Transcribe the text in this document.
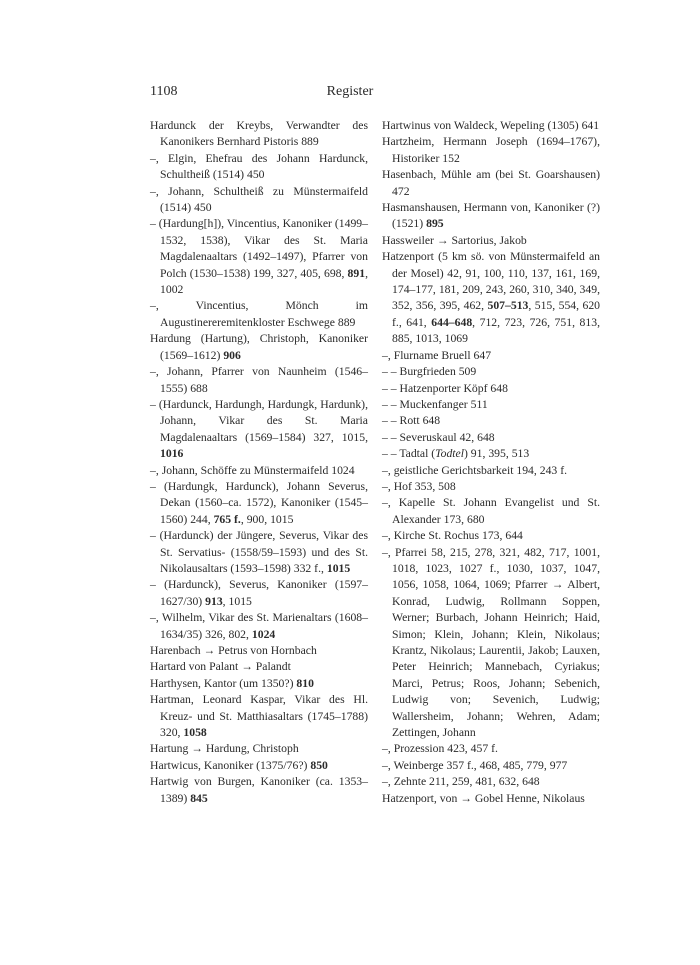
1108	Register
Hardunck der Kreybs, Verwandter des Kanonikers Bernhard Pistoris 889
–, Elgin, Ehefrau des Johann Hardunck, Schultheiß (1514) 450
–, Johann, Schultheiß zu Münstermaifeld (1514) 450
– (Hardung[h]), Vincentius, Kanoniker (1499–1532, 1538), Vikar des St. Maria Magdalenaaltars (1492–1497), Pfarrer von Polch (1530–1538) 199, 327, 405, 698, 891, 1002
–, Vincentius, Mönch im Augustinereremitenkloster Eschwege 889
Hardung (Hartung), Christoph, Kanoniker (1569–1612) 906
–, Johann, Pfarrer von Naunheim (1546–1555) 688
– (Hardunck, Hardungh, Hardungk, Hardunk), Johann, Vikar des St. Maria Magdalenaaltars (1569–1584) 327, 1015, 1016
–, Johann, Schöffe zu Münstermaifeld 1024
– (Hardungk, Hardunck), Johann Severus, Dekan (1560–ca. 1572), Kanoniker (1545–1560) 244, 765 f., 900, 1015
– (Hardunck) der Jüngere, Severus, Vikar des St. Servatius- (1558/59–1593) und des St. Nikolausaltars (1593–1598) 332 f., 1015
– (Hardunck), Severus, Kanoniker (1597–1627/30) 913, 1015
–, Wilhelm, Vikar des St. Marienaltars (1608–1634/35) 326, 802, 1024
Harenbach → Petrus von Hornbach
Hartard von Palant → Palandt
Harthysen, Kantor (um 1350?) 810
Hartman, Leonard Kaspar, Vikar des Hl. Kreuz- und St. Matthiasaltars (1745–1788) 320, 1058
Hartung → Hardung, Christoph
Hartwicus, Kanoniker (1375/76?) 850
Hartwig von Burgen, Kanoniker (ca. 1353–1389) 845
Hartwinus von Waldeck, Wepeling (1305) 641
Hartzheim, Hermann Joseph (1694–1767), Historiker 152
Hasenbach, Mühle am (bei St. Goarshausen) 472
Hasmanshausen, Hermann von, Kanoniker (?) (1521) 895
Hassweiler → Sartorius, Jakob
Hatzenport (5 km sö. von Münstermaifeld an der Mosel) 42, 91, 100, 110, 137, 161, 169, 174–177, 181, 209, 243, 260, 310, 340, 349, 352, 356, 395, 462, 507–513, 515, 554, 620 f., 641, 644–648, 712, 723, 726, 751, 813, 885, 1013, 1069
–, Flurname Bruell 647
– – Burgfrieden 509
– – Hatzenporter Köpf 648
– – Muckenfanger 511
– – Rott 648
– – Severuskaul 42, 648
– – Tadtal (Todtel) 91, 395, 513
–, geistliche Gerichtsbarkeit 194, 243 f.
–, Hof 353, 508
–, Kapelle St. Johann Evangelist und St. Alexander 173, 680
–, Kirche St. Rochus 173, 644
–, Pfarrei 58, 215, 278, 321, 482, 717, 1001, 1018, 1023, 1027 f., 1030, 1037, 1047, 1056, 1058, 1064, 1069; Pfarrer → Albert, Konrad, Ludwig, Rollmann Soppen, Werner; Burbach, Johann Heinrich; Haid, Simon; Klein, Johann; Klein, Nikolaus; Krantz, Nikolaus; Laurentii, Jakob; Lauxen, Peter Heinrich; Mannebach, Cyriakus; Marci, Petrus; Roos, Johann; Sebenich, Ludwig von; Sevenich, Ludwig; Wallersheim, Johann; Wehren, Adam; Zettingen, Johann
–, Prozession 423, 457 f.
–, Weinberge 357 f., 468, 485, 779, 977
–, Zehnte 211, 259, 481, 632, 648
Hatzenport, von → Gobel Henne, Nikolaus
